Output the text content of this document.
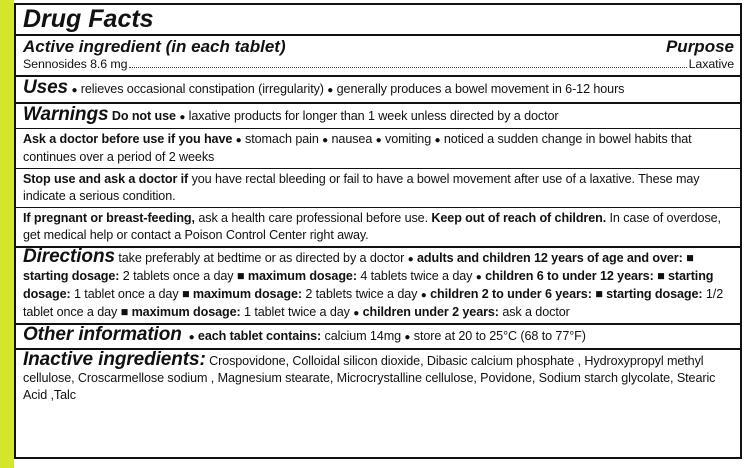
Drug Facts
Active ingredient (in each tablet)	Purpose
Sennosides 8.6 mg	Laxative
Uses ● relieves occasional constipation (irregularity) ● generally produces a bowel movement in 6-12 hours
Warnings Do not use ● laxative products for longer than 1 week unless directed by a doctor
Ask a doctor before use if you have ● stomach pain ● nausea ● vomiting ● noticed a sudden change in bowel habits that continues over a period of 2 weeks
Stop use and ask a doctor if you have rectal bleeding or fail to have a bowel movement after use of a laxative. These may indicate a serious condition.
If pregnant or breast-feeding, ask a health care professional before use. Keep out of reach of children. In case of overdose, get medical help or contact a Poison Control Center right away.
Directions take preferably at bedtime or as directed by a doctor ● adults and children 12 years of age and over: ■ starting dosage: 2 tablets once a day ■ maximum dosage: 4 tablets twice a day ● children 6 to under 12 years: ■ starting dosage: 1 tablet once a day ■ maximum dosage: 2 tablets twice a day ● children 2 to under 6 years: ■ starting dosage: 1/2 tablet once a day ■ maximum dosage: 1 tablet twice a day ● children under 2 years: ask a doctor
Other information ● each tablet contains: calcium 14mg ● store at 20 to 25°C (68 to 77°F)
Inactive ingredients: Crospovidone, Colloidal silicon dioxide, Dibasic calcium phosphate , Hydroxypropyl methyl cellulose, Croscarmellose sodium , Magnesium stearate, Microcrystalline cellulose, Povidone, Sodium starch glycolate, Stearic Acid ,Talc
